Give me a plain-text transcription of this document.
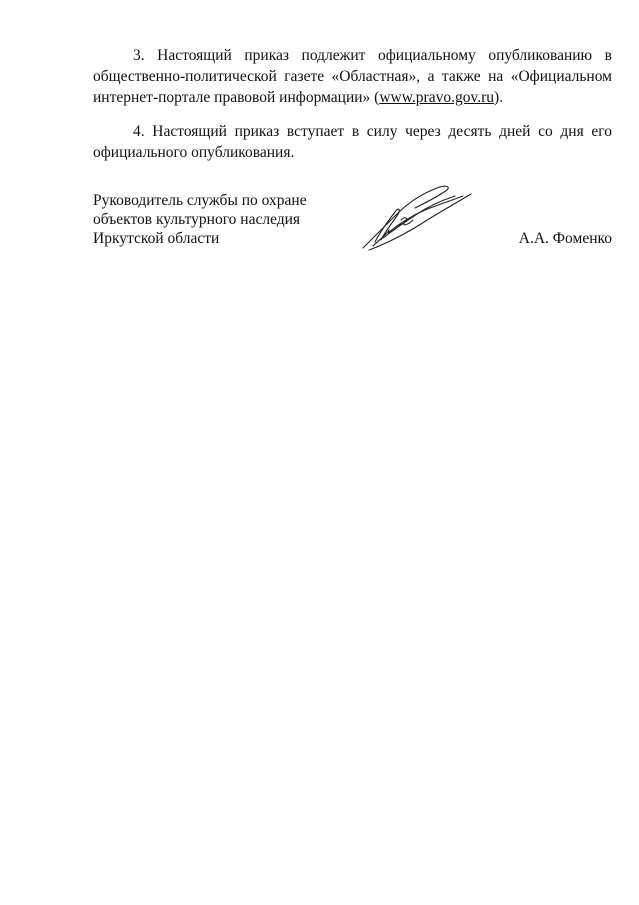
3. Настоящий приказ подлежит официальному опубликованию в общественно-политической газете «Областная», а также на «Официальном интернет-портале правовой информации» (www.pravo.gov.ru).

4. Настоящий приказ вступает в силу через десять дней со дня его официального опубликования.

Руководитель службы по охране
объектов культурного наследия
Иркутской области	А.А. Фоменко
